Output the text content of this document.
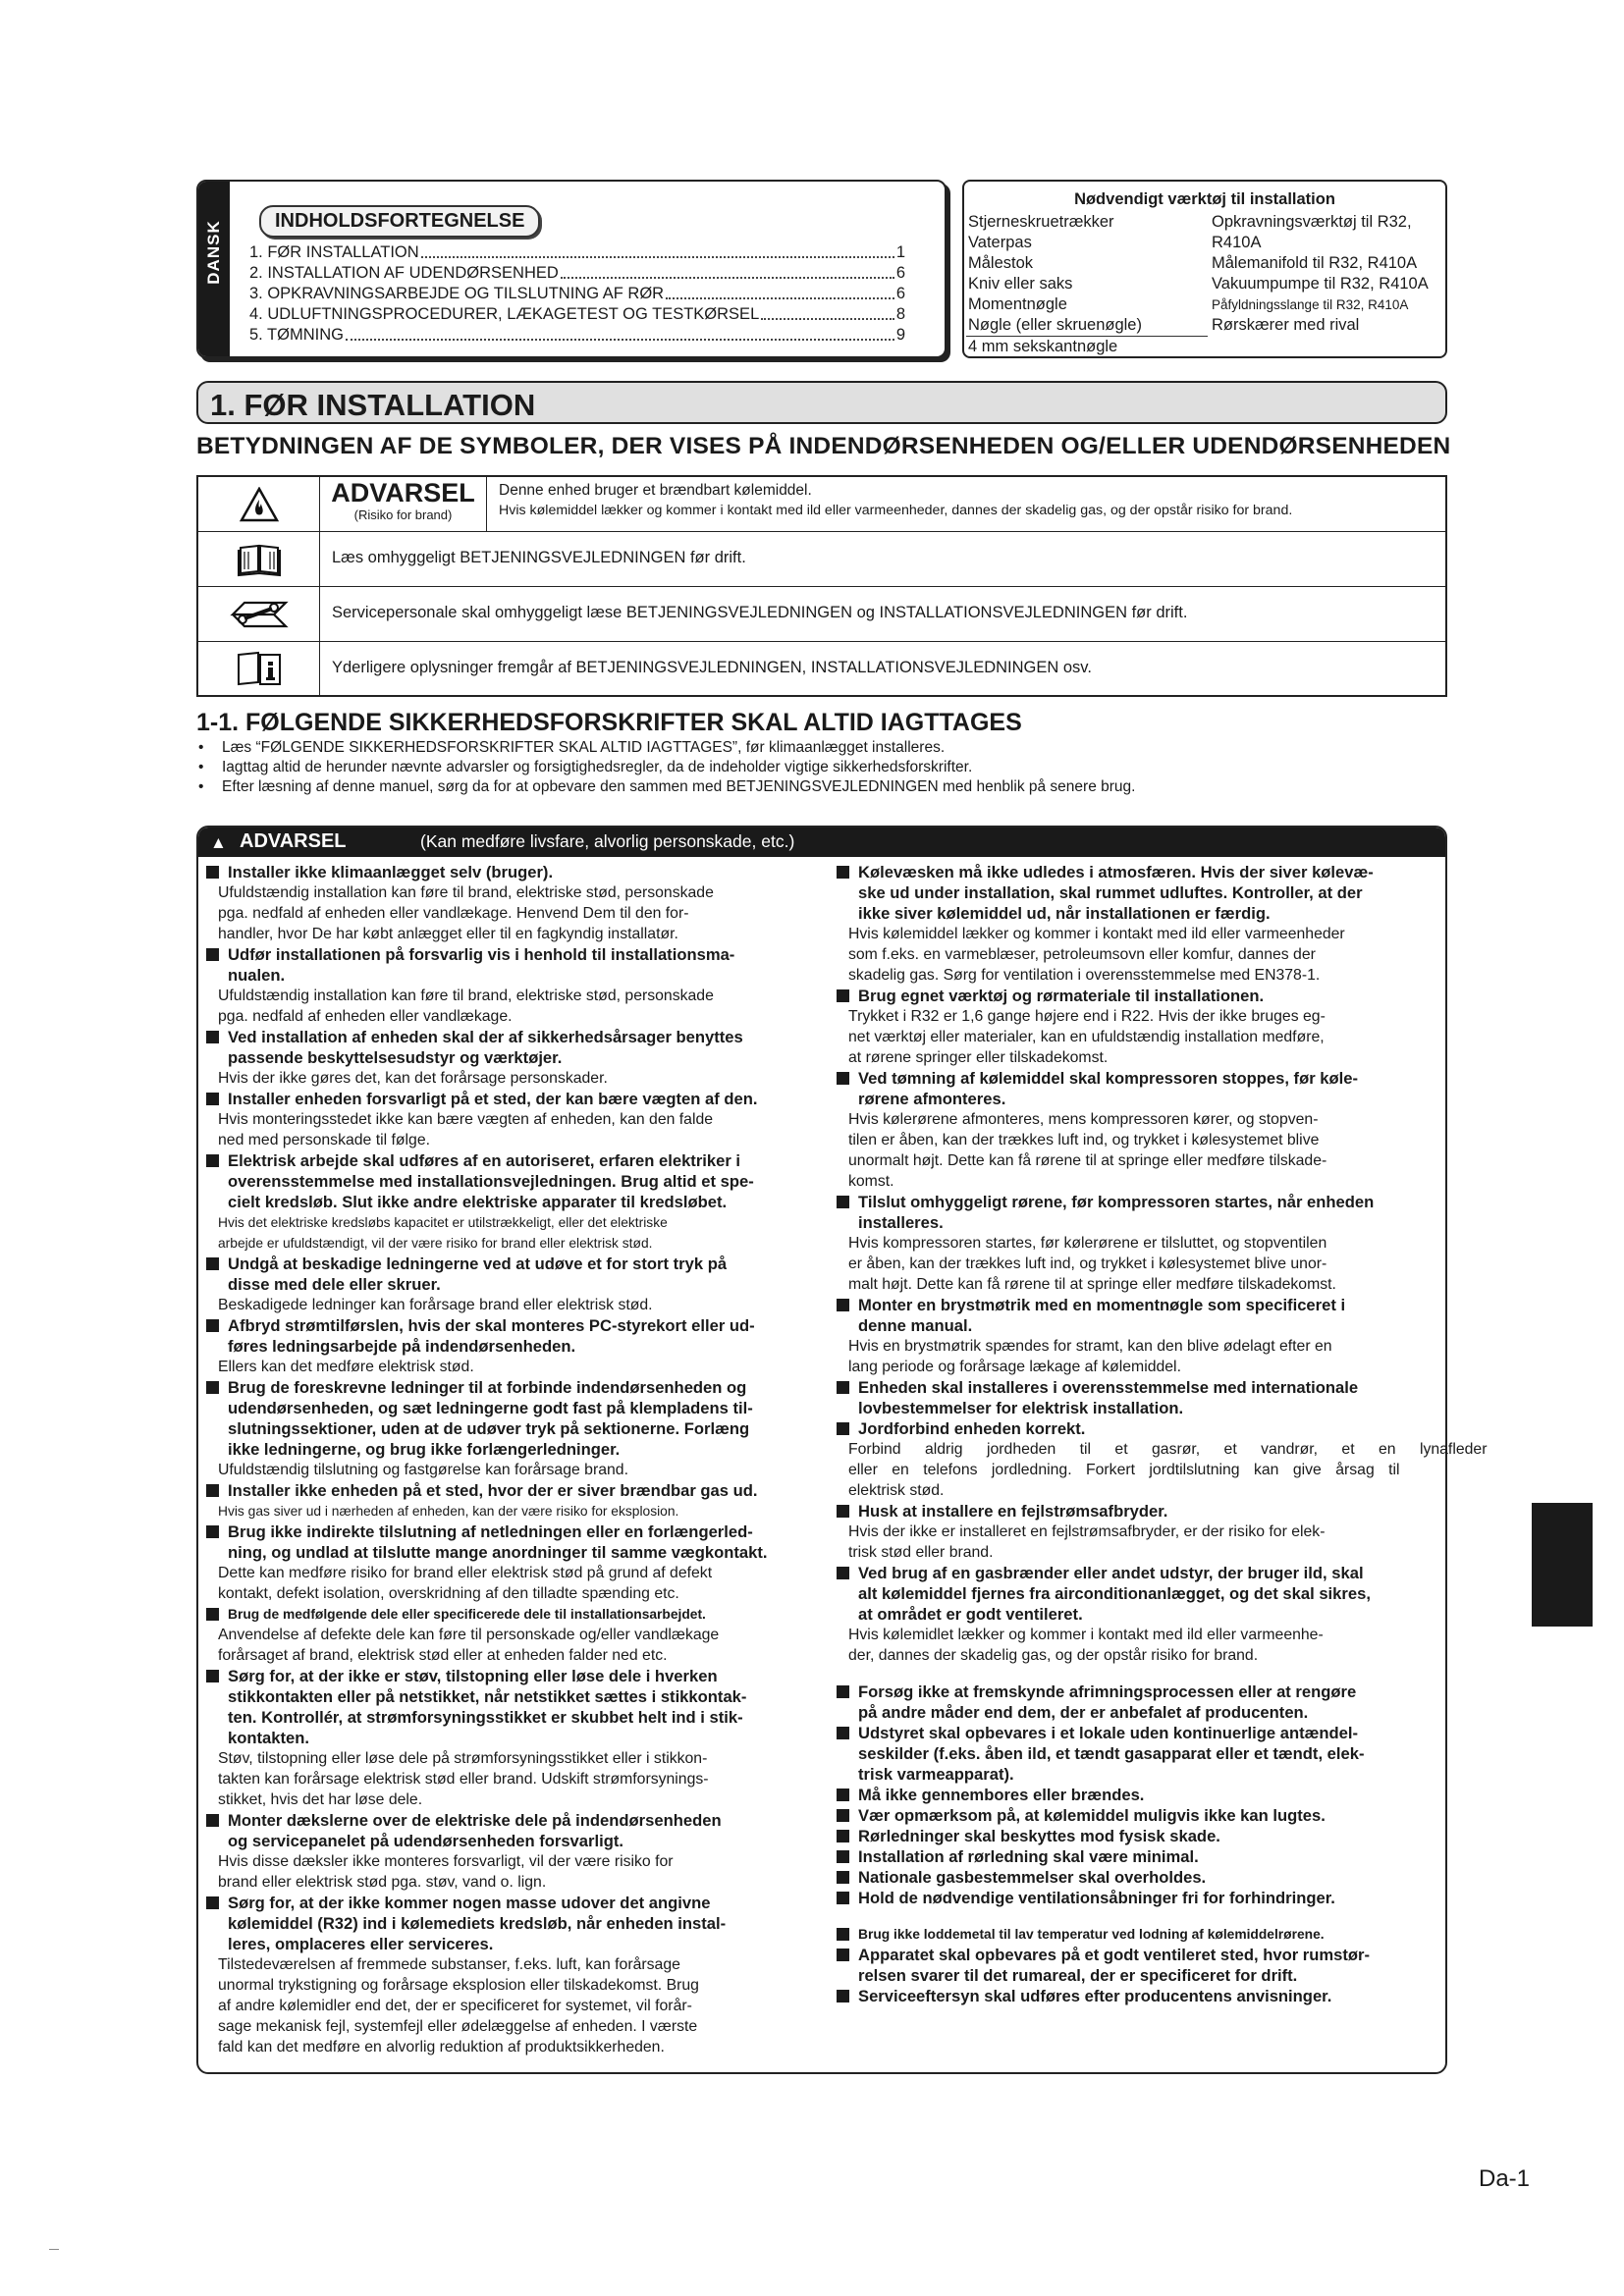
DANSK	INDHOLDSFORTEGNELSE
1. FØR INSTALLATION	1
2. INSTALLATION AF UDENDØRSENHED	6
3. OPKRAVNINGSARBEJDE OG TILSLUTNING AF RØR	6
4. UDLUFTNINGSPROCEDURER, LÆKAGETEST OG TESTKØRSEL	8
5. TØMNING	9
Nødvendigt værktøj til installation
Stjerneskruetrækker	Opkravningsværktøj til R32,
Vaterpas	R410A
Målestok	Målemanifold til R32, R410A
Kniv eller saks	Vakuumpumpe til R32, R410A
Momentnøgle	Påfyldningsslange til R32, R410A
Nøgle (eller skruenøgle)	Rørskærer med rival
4 mm sekskantnøgle
1. FØR INSTALLATION
BETYDNINGEN AF DE SYMBOLER, DER VISES PÅ INDENDØRSENHEDEN OG/ELLER UDENDØRSENHEDEN
ADVARSEL
(Risiko for brand)
Denne enhed bruger et brændbart kølemiddel.
Hvis kølemiddel lækker og kommer i kontakt med ild eller varmeenheder, dannes der skadelig gas, og der opstår risiko for brand.
Læs omhyggeligt BETJENINGSVEJLEDNINGEN før drift.
Servicepersonale skal omhyggeligt læse BETJENINGSVEJLEDNINGEN og INSTALLATIONSVEJLEDNINGEN før drift.
Yderligere oplysninger fremgår af BETJENINGSVEJLEDNINGEN, INSTALLATIONSVEJLEDNINGEN osv.
1-1. FØLGENDE SIKKERHEDSFORSKRIFTER SKAL ALTID IAGTTAGES
• Læs “FØLGENDE SIKKERHEDSFORSKRIFTER SKAL ALTID IAGTTAGES”, før klimaanlægget installeres.
• Iagttag altid de herunder nævnte advarsler og forsigtighedsregler, da de indeholder vigtige sikkerhedsforskrifter.
• Efter læsning af denne manuel, sørg da for at opbevare den sammen med BETJENINGSVEJLEDNINGEN med henblik på senere brug.
▲ ADVARSEL	(Kan medføre livsfare, alvorlig personskade, etc.)
Installer ikke klimaanlægget selv (bruger).
Ufuldstændig installation kan føre til brand, elektriske stød, personskade
pga. nedfald af enheden eller vandlækage. Henvend Dem til den for-
handler, hvor De har købt anlægget eller til en fagkyndig installatør.
Udfør installationen på forsvarlig vis i henhold til installationsma-
nualen.
Ufuldstændig installation kan føre til brand, elektriske stød, personskade
pga. nedfald af enheden eller vandlækage.
Ved installation af enheden skal der af sikkerhedsårsager benyttes
passende beskyttelsesudstyr og værktøjer.
Hvis der ikke gøres det, kan det forårsage personskader.
Installer enheden forsvarligt på et sted, der kan bære vægten af den.
Hvis monteringsstedet ikke kan bære vægten af enheden, kan den falde
ned med personskade til følge.
Elektrisk arbejde skal udføres af en autoriseret, erfaren elektriker i
overensstemmelse med installationsvejledningen. Brug altid et spe-
cielt kredsløb. Slut ikke andre elektriske apparater til kredsløbet.
Hvis det elektriske kredsløbs kapacitet er utilstrækkeligt, eller det elektriske
arbejde er ufuldstændigt, vil der være risiko for brand eller elektrisk stød.
Undgå at beskadige ledningerne ved at udøve et for stort tryk på
disse med dele eller skruer.
Beskadigede ledninger kan forårsage brand eller elektrisk stød.
Afbryd strømtilførslen, hvis der skal monteres PC-styrekort eller ud-
føres ledningsarbejde på indendørsenheden.
Ellers kan det medføre elektrisk stød.
Brug de foreskrevne ledninger til at forbinde indendørsenheden og
udendørsenheden, og sæt ledningerne godt fast på klempladens til-
slutningssektioner, uden at de udøver tryk på sektionerne. Forlæng
ikke ledningerne, og brug ikke forlængerledninger.
Ufuldstændig tilslutning og fastgørelse kan forårsage brand.
Installer ikke enheden på et sted, hvor der er siver brændbar gas ud.
Hvis gas siver ud i nærheden af enheden, kan der være risiko for eksplosion.
Brug ikke indirekte tilslutning af netledningen eller en forlængerled-
ning, og undlad at tilslutte mange anordninger til samme vægkontakt.
Dette kan medføre risiko for brand eller elektrisk stød på grund af defekt
kontakt, defekt isolation, overskridning af den tilladte spænding etc.
Brug de medfølgende dele eller specificerede dele til installationsarbejdet.
Anvendelse af defekte dele kan føre til personskade og/eller vandlækage
forårsaget af brand, elektrisk stød eller at enheden falder ned etc.
Sørg for, at der ikke er støv, tilstopning eller løse dele i hverken
stikkontakten eller på netstikket, når netstikket sættes i stikkontak-
ten. Kontrollér, at strømforsyningsstikket er skubbet helt ind i stik-
kontakten.
Støv, tilstopning eller løse dele på strømforsyningsstikket eller i stikkon-
takten kan forårsage elektrisk stød eller brand. Udskift strømforsynings-
stikket, hvis det har løse dele.
Monter dækslerne over de elektriske dele på indendørsenheden
og servicepanelet på udendørsenheden forsvarligt.
Hvis disse dæksler ikke monteres forsvarligt, vil der være risiko for
brand eller elektrisk stød pga. støv, vand o. lign.
Sørg for, at der ikke kommer nogen masse udover det angivne
kølemiddel (R32) ind i kølemediets kredsløb, når enheden instal-
leres, omplaceres eller serviceres.
Tilstedeværelsen af fremmede substanser, f.eks. luft, kan forårsage
unormal trykstigning og forårsage eksplosion eller tilskadekomst. Brug
af andre kølemidler end det, der er specificeret for systemet, vil forår-
sage mekanisk fejl, systemfejl eller ødelæggelse af enheden. I værste
fald kan det medføre en alvorlig reduktion af produktsikkerheden.
Kølevæsken må ikke udledes i atmosfæren. Hvis der siver kølevæ-
ske ud under installation, skal rummet udluftes. Kontroller, at der
ikke siver kølemiddel ud, når installationen er færdig.
Hvis kølemiddel lækker og kommer i kontakt med ild eller varmeenheder
som f.eks. en varmeblæser, petroleumsovn eller komfur, dannes der
skadelig gas. Sørg for ventilation i overensstemmelse med EN378-1.
Brug egnet værktøj og rørmateriale til installationen.
Trykket i R32 er 1,6 gange højere end i R22. Hvis der ikke bruges eg-
net værktøj eller materialer, kan en ufuldstændig installation medføre,
at rørene springer eller tilskadekomst.
Ved tømning af kølemiddel skal kompressoren stoppes, før køle-
rørene afmonteres.
Hvis kølerørene afmonteres, mens kompressoren kører, og stopven-
tilen er åben, kan der trækkes luft ind, og trykket i kølesystemet blive
unormalt højt. Dette kan få rørene til at springe eller medføre tilskade-
komst.
Tilslut omhyggeligt rørene, før kompressoren startes, når enheden
installeres.
Hvis kompressoren startes, før kølerørene er tilsluttet, og stopventilen
er åben, kan der trækkes luft ind, og trykket i kølesystemet blive unor-
malt højt. Dette kan få rørene til at springe eller medføre tilskadekomst.
Monter en brystmøtrik med en momentnøgle som specificeret i
denne manual.
Hvis en brystmøtrik spændes for stramt, kan den blive ødelagt efter en
lang periode og forårsage lækage af kølemiddel.
Enheden skal installeres i overensstemmelse med internationale
lovbestemmelser for elektrisk installation.
Jordforbind enheden korrekt.
Forbind aldrig jordheden til et gasrør, et vandrør, et en lynafleder
eller en telefons jordledning. Forkert jordtilslutning kan give årsag til
elektrisk stød.
Husk at installere en fejlstrømsafbryder.
Hvis der ikke er installeret en fejlstrømsafbryder, er der risiko for elek-
trisk stød eller brand.
Ved brug af en gasbrænder eller andet udstyr, der bruger ild, skal
alt kølemiddel fjernes fra airconditionanlægget, og det skal sikres,
at området er godt ventileret.
Hvis kølemidlet lækker og kommer i kontakt med ild eller varmeenhe-
der, dannes der skadelig gas, og der opstår risiko for brand.
Forsøg ikke at fremskynde afrimningsprocessen eller at rengøre
på andre måder end dem, der er anbefalet af producenten.
Udstyret skal opbevares i et lokale uden kontinuerlige antændel-
seskilder (f.eks. åben ild, et tændt gasapparat eller et tændt, elek-
trisk varmeapparat).
Må ikke gennembores eller brændes.
Vær opmærksom på, at kølemiddel muligvis ikke kan lugtes.
Rørledninger skal beskyttes mod fysisk skade.
Installation af rørledning skal være minimal.
Nationale gasbestemmelser skal overholdes.
Hold de nødvendige ventilationsåbninger fri for forhindringer.
Brug ikke loddemetal til lav temperatur ved lodning af kølemiddelrørene.
Apparatet skal opbevares på et godt ventileret sted, hvor rumstør-
relsen svarer til det rumareal, der er specificeret for drift.
Serviceeftersyn skal udføres efter producentens anvisninger.
Da-1
